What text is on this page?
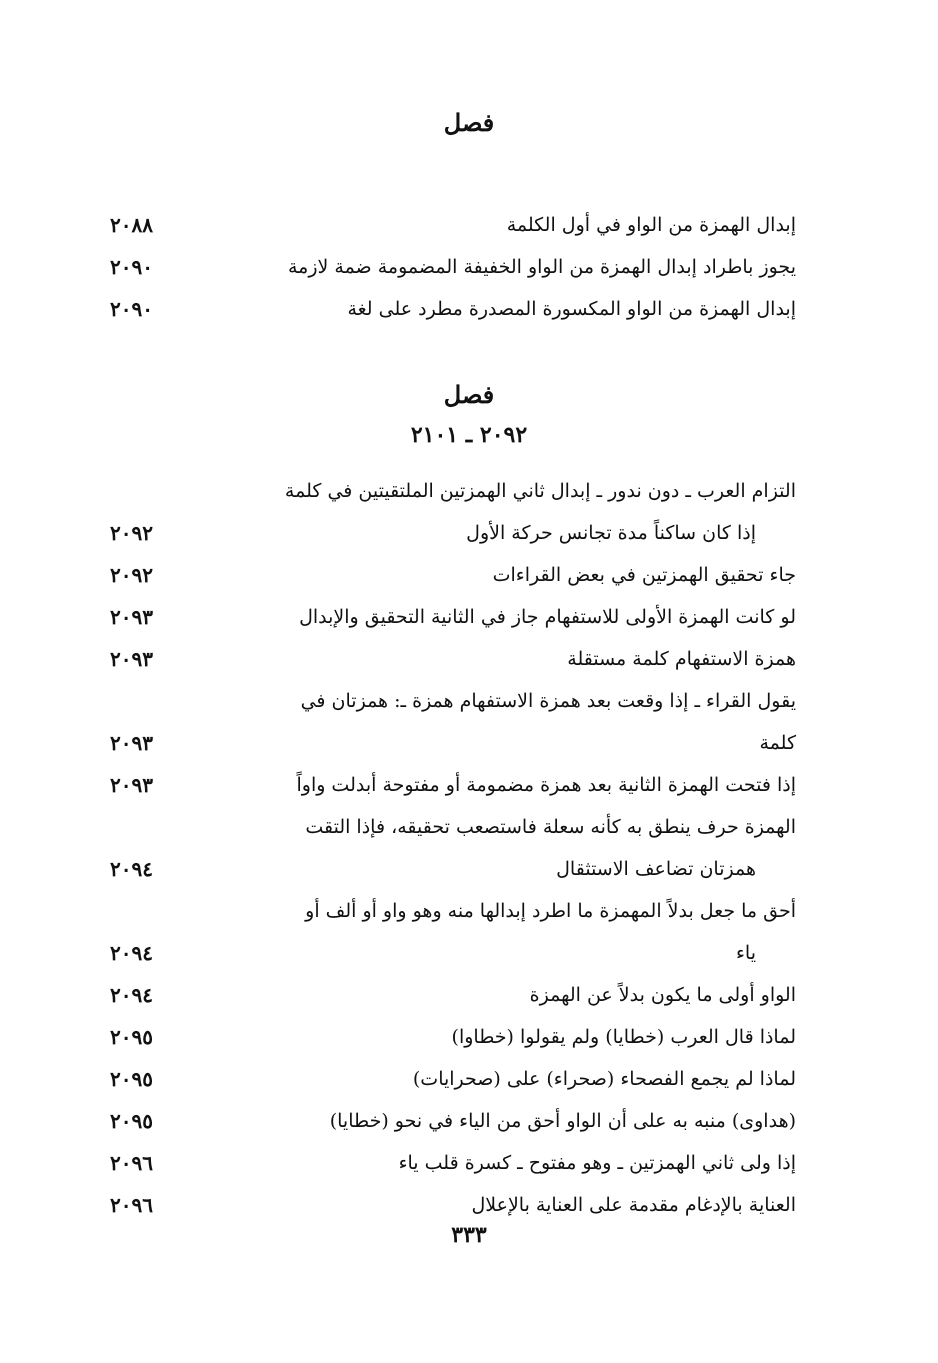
فصل
إبدال الهمزة من الواو في أول الكلمة
٢٠٨٨
يجوز باطراد إبدال الهمزة من الواو الخفيفة المضمومة ضمة لازمة
٢٠٩٠
إبدال الهمزة من الواو المكسورة المصدرة مطرد على لغة
٢٠٩٠
فصل
٢٠٩٢ ـ ٢١٠١
التزام العرب ـ دون ندور ـ إبدال ثاني الهمزتين الملتقيتين في كلمة
إذا كان ساكناً مدة تجانس حركة الأول
٢٠٩٢
جاء تحقيق الهمزتين في بعض القراءات
٢٠٩٢
لو كانت الهمزة الأولى للاستفهام جاز في الثانية التحقيق والإبدال
٢٠٩٣
همزة الاستفهام كلمة مستقلة
٢٠٩٣
يقول القراء ـ إذا وقعت بعد همزة الاستفهام همزة ـ: همزتان في
كلمة
٢٠٩٣
إذا فتحت الهمزة الثانية بعد همزة مضمومة أو مفتوحة أبدلت واواً
٢٠٩٣
الهمزة حرف ينطق به كأنه سعلة فاستصعب تحقيقه، فإذا التقت
همزتان تضاعف الاستثقال
٢٠٩٤
أحق ما جعل بدلاً المهمزة ما اطرد إبدالها منه وهو واو أو ألف أو
ياء
٢٠٩٤
الواو أولى ما يكون بدلاً عن الهمزة
٢٠٩٤
لماذا قال العرب (خطايا) ولم يقولوا (خطاوا)
٢٠٩٥
لماذا لم يجمع الفصحاء (صحراء) على (صحرايات)
٢٠٩٥
(هداوى) منبه به على أن الواو أحق من الياء في نحو (خطايا)
٢٠٩٥
إذا ولى ثاني الهمزتين ـ وهو مفتوح ـ كسرة قلب ياء
٢٠٩٦
العناية بالإدغام مقدمة على العناية بالإعلال
٢٠٩٦
٣٣٣
